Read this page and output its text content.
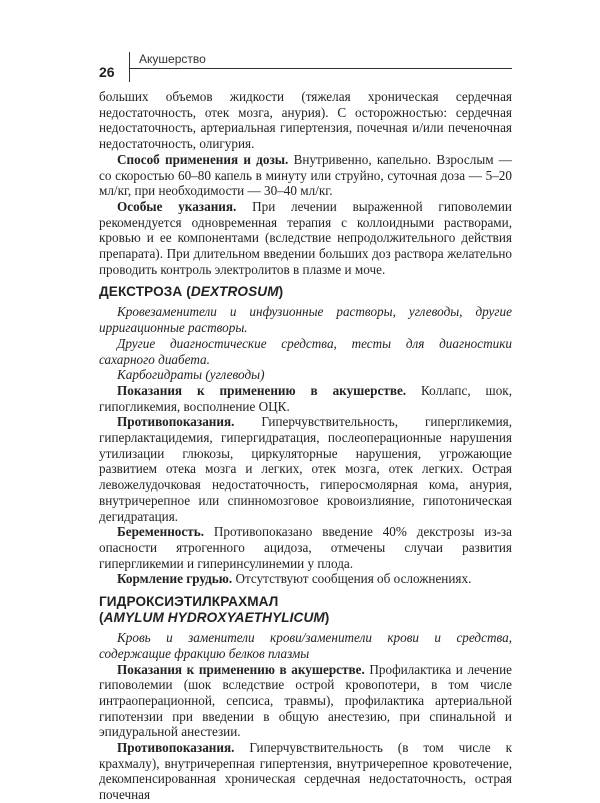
26
Акушерство

больших объемов жидкости (тяжелая хроническая сердечная недостаточность, отек мозга, анурия). С осторожностью: сердечная недостаточность, артериальная гипертензия, почечная и/или печеночная недостаточность, олигурия.

Способ применения и дозы. Внутривенно, капельно. Взрослым — со скоростью 60–80 капель в минуту или струйно, суточная доза — 5–20 мл/кг, при необходимости — 30–40 мл/кг.

Особые указания. При лечении выраженной гиповолемии рекомендуется одновременная терапия с коллоидными растворами, кровью и ее компонентами (вследствие непродолжительного действия препарата). При длительном введении больших доз раствора желательно проводить контроль электролитов в плазме и моче.

ДЕКСТРОЗА (DEXTROSUM)

Кровезаменители и инфузионные растворы, углеводы, другие ирригационные растворы.

Другие диагностические средства, тесты для диагностики сахарного диабета.

Карбогидраты (углеводы)

Показания к применению в акушерстве. Коллапс, шок, гипогликемия, восполнение ОЦК.

Противопоказания. Гиперчувствительность, гипергликемия, гиперлактацидемия, гипергидратация, послеоперационные нарушения утилизации глюкозы, циркуляторные нарушения, угрожающие развитием отека мозга и легких, отек мозга, отек легких. Острая левожелудочковая недостаточность, гиперосмолярная кома, анурия, внутричерепное или спинномозговое кровоизлияние, гипотоническая дегидратация.

Беременность. Противопоказано введение 40% декстрозы из-за опасности ятрогенного ацидоза, отмечены случаи развития гипергликемии и гиперинсулинемии у плода.

Кормление грудью. Отсутствуют сообщения об осложнениях.

ГИДРОКСИЭТИЛКРАХМАЛ
(AMYLUM HYDROXYAETHYLICUM)

Кровь и заменители крови/заменители крови и средства, содержащие фракцию белков плазмы

Показания к применению в акушерстве. Профилактика и лечение гиповолемии (шок вследствие острой кровопотери, в том числе интраоперационной, сепсиса, травмы), профилактика артериальной гипотензии при введении в общую анестезию, при спинальной и эпидуральной анестезии.

Противопоказания. Гиперчувствительность (в том числе к крахмалу), внутричерепная гипертензия, внутричерепное кровотечение, декомпенсированная хроническая сердечная недостаточность, острая почечная
